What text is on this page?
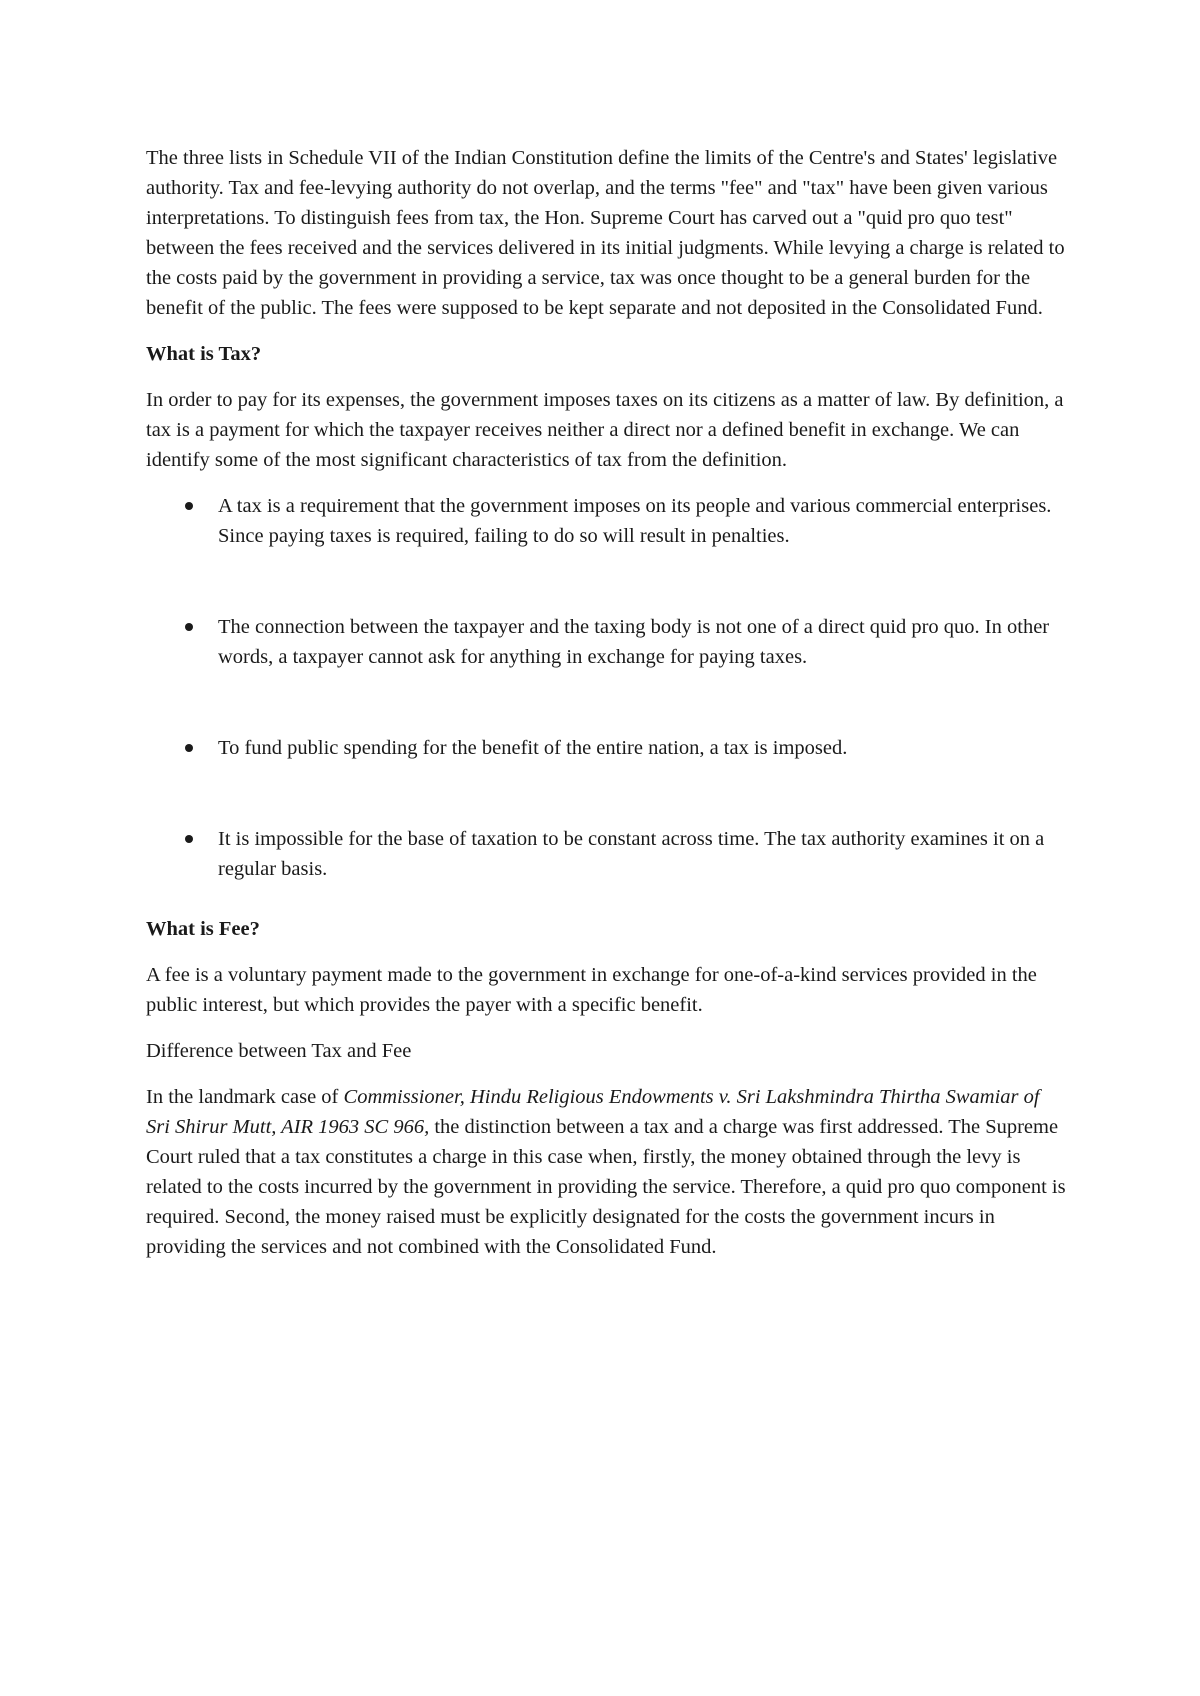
The three lists in Schedule VII of the Indian Constitution define the limits of the Centre's and States' legislative authority. Tax and fee-levying authority do not overlap, and the terms "fee" and "tax" have been given various interpretations. To distinguish fees from tax, the Hon. Supreme Court has carved out a "quid pro quo test" between the fees received and the services delivered in its initial judgments. While levying a charge is related to the costs paid by the government in providing a service, tax was once thought to be a general burden for the benefit of the public. The fees were supposed to be kept separate and not deposited in the Consolidated Fund.

What is Tax?

In order to pay for its expenses, the government imposes taxes on its citizens as a matter of law. By definition, a tax is a payment for which the taxpayer receives neither a direct nor a defined benefit in exchange. We can identify some of the most significant characteristics of tax from the definition.

A tax is a requirement that the government imposes on its people and various commercial enterprises. Since paying taxes is required, failing to do so will result in penalties.
The connection between the taxpayer and the taxing body is not one of a direct quid pro quo. In other words, a taxpayer cannot ask for anything in exchange for paying taxes.
To fund public spending for the benefit of the entire nation, a tax is imposed.
It is impossible for the base of taxation to be constant across time. The tax authority examines it on a regular basis.

What is Fee?

A fee is a voluntary payment made to the government in exchange for one-of-a-kind services provided in the public interest, but which provides the payer with a specific benefit.

Difference between Tax and Fee

In the landmark case of Commissioner, Hindu Religious Endowments v. Sri Lakshmindra Thirtha Swamiar of Sri Shirur Mutt, AIR 1963 SC 966, the distinction between a tax and a charge was first addressed. The Supreme Court ruled that a tax constitutes a charge in this case when, firstly, the money obtained through the levy is related to the costs incurred by the government in providing the service. Therefore, a quid pro quo component is required. Second, the money raised must be explicitly designated for the costs the government incurs in providing the services and not combined with the Consolidated Fund.
